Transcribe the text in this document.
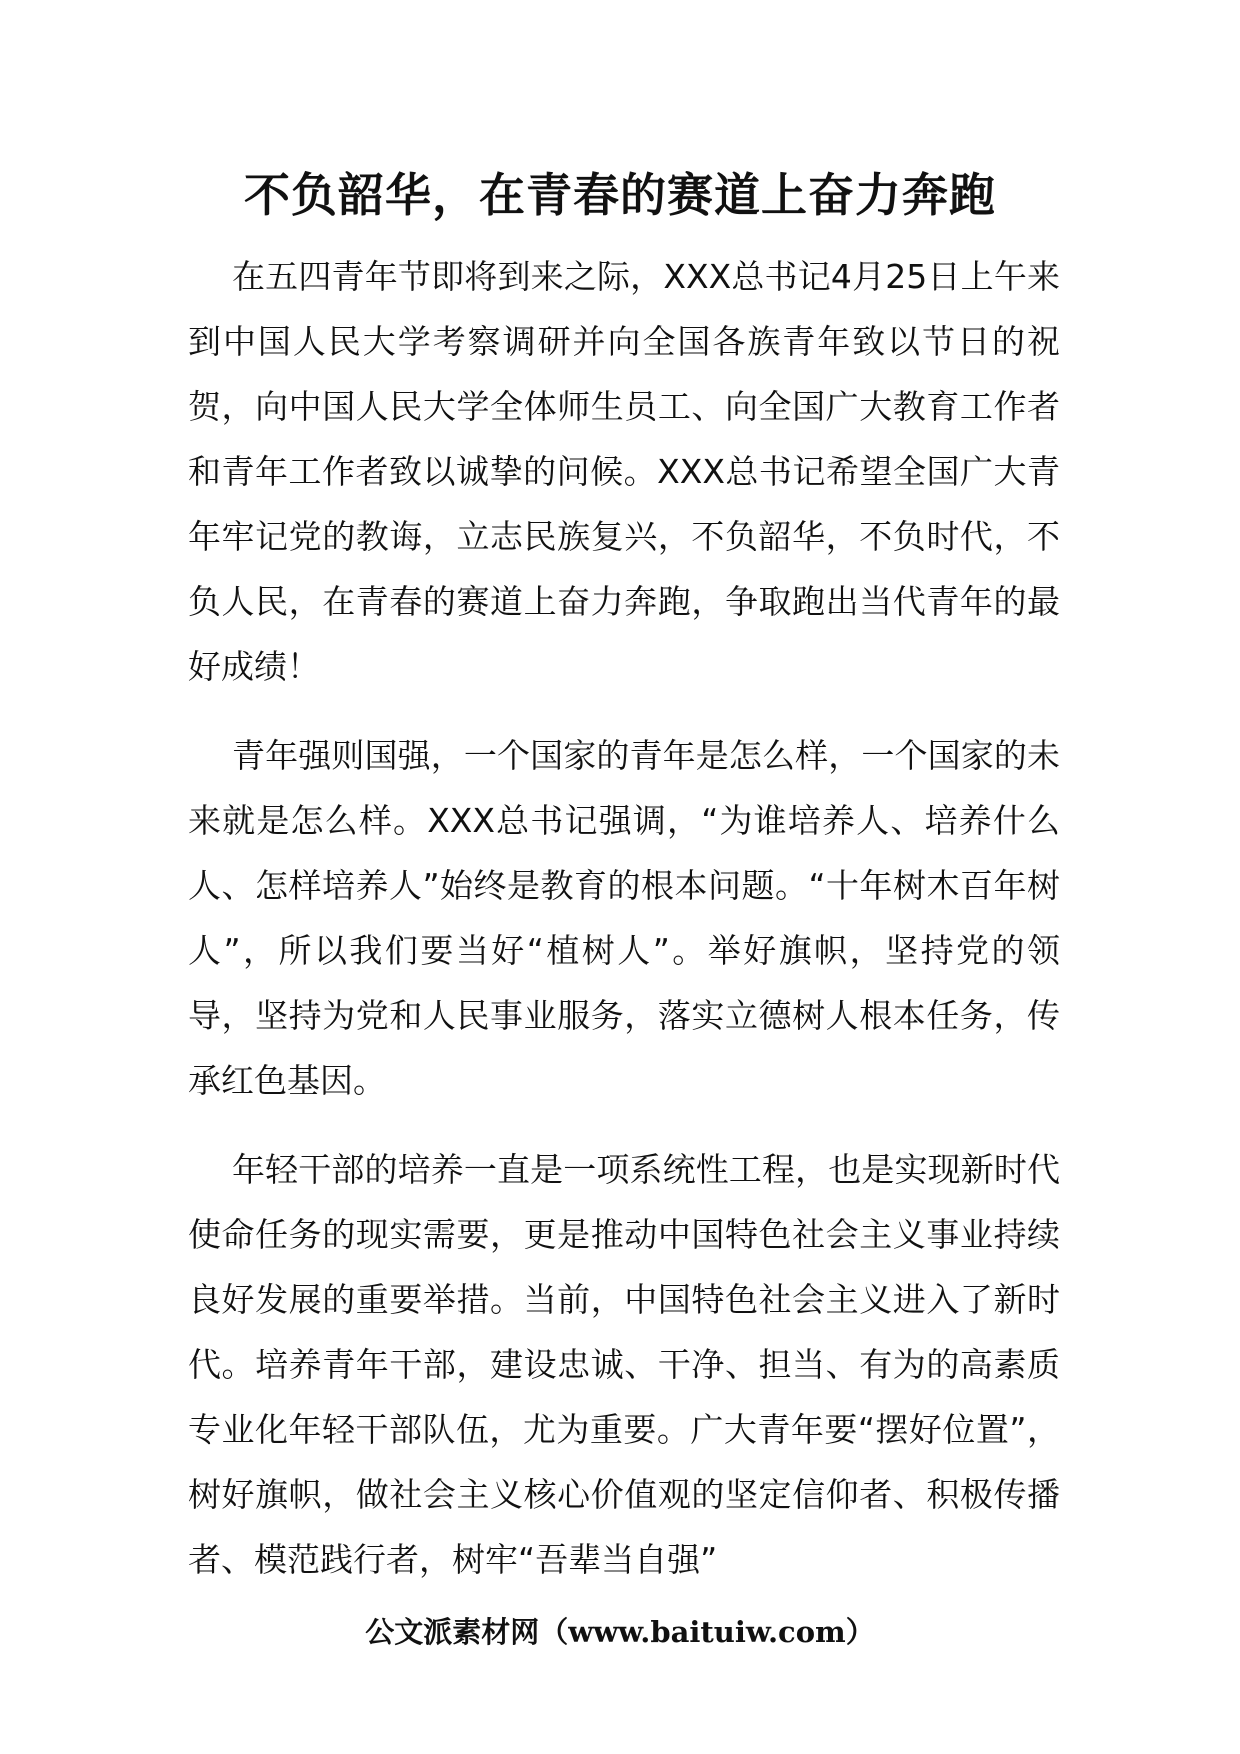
不负韶华，在青春的赛道上奋力奔跑

在五四青年节即将到来之际，XXX总书记4月25日上午来到中国人民大学考察调研并向全国各族青年致以节日的祝贺，向中国人民大学全体师生员工、向全国广大教育工作者和青年工作者致以诚挚的问候。XXX总书记希望全国广大青年牢记党的教诲，立志民族复兴，不负韶华，不负时代，不负人民，在青春的赛道上奋力奔跑，争取跑出当代青年的最好成绩！

青年强则国强，一个国家的青年是怎么样，一个国家的未来就是怎么样。XXX总书记强调，“为谁培养人、培养什么人、怎样培养人”始终是教育的根本问题。“十年树木百年树人”，所以我们要当好“植树人”。举好旗帜，坚持党的领导，坚持为党和人民事业服务，落实立德树人根本任务，传承红色基因。

年轻干部的培养一直是一项系统性工程，也是实现新时代使命任务的现实需要，更是推动中国特色社会主义事业持续良好发展的重要举措。当前，中国特色社会主义进入了新时代。培养青年干部，建设忠诚、干净、担当、有为的高素质专业化年轻干部队伍，尤为重要。广大青年要“摆好位置”，树好旗帜，做社会主义核心价值观的坚定信仰者、积极传播者、模范践行者，树牢“吾辈当自强”

公文派素材网（www.baituiw.com）
